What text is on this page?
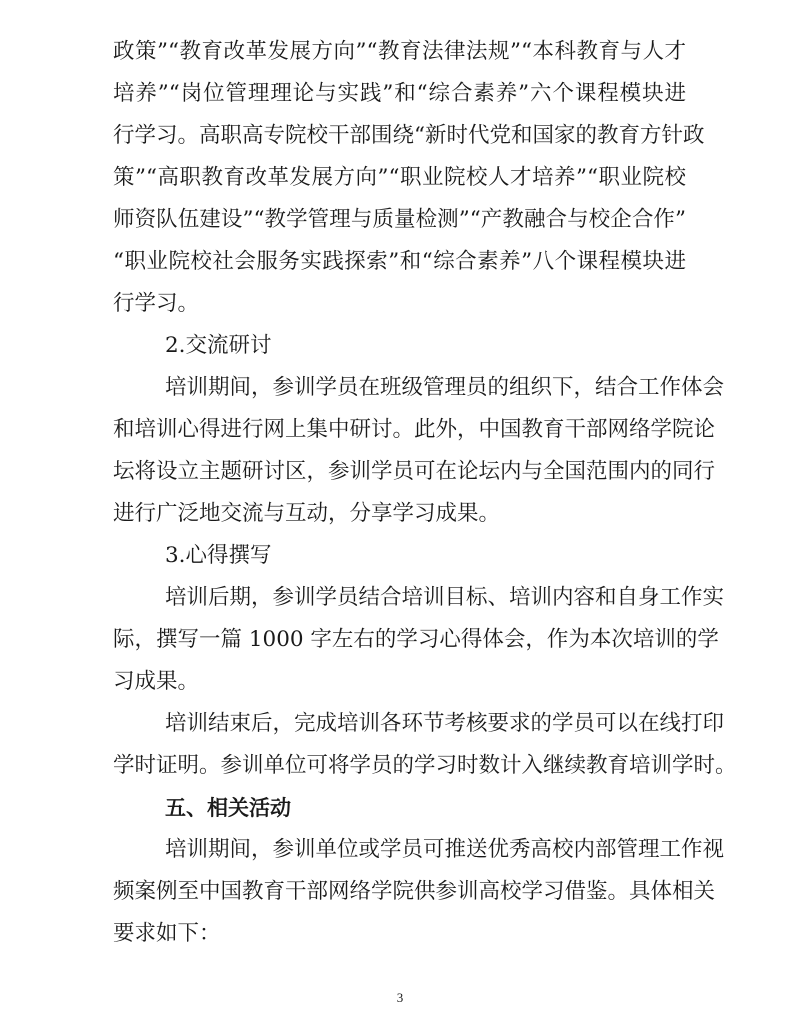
政策”“教育改革发展方向”“教育法律法规”“本科教育与人才
培养”“岗位管理理论与实践”和“综合素养”六个课程模块进
行学习。高职高专院校干部围绕“新时代党和国家的教育方针政
策”“高职教育改革发展方向”“职业院校人才培养”“职业院校
师资队伍建设”“教学管理与质量检测”“产教融合与校企合作”
“职业院校社会服务实践探索”和“综合素养”八个课程模块进
行学习。
2.交流研讨
培训期间，参训学员在班级管理员的组织下，结合工作体会
和培训心得进行网上集中研讨。此外，中国教育干部网络学院论
坛将设立主题研讨区，参训学员可在论坛内与全国范围内的同行
进行广泛地交流与互动，分享学习成果。
3.心得撰写
培训后期，参训学员结合培训目标、培训内容和自身工作实
际，撰写一篇 1000 字左右的学习心得体会，作为本次培训的学
习成果。
培训结束后，完成培训各环节考核要求的学员可以在线打印
学时证明。参训单位可将学员的学习时数计入继续教育培训学时。
五、相关活动
培训期间，参训单位或学员可推送优秀高校内部管理工作视
频案例至中国教育干部网络学院供参训高校学习借鉴。具体相关
要求如下：
3
